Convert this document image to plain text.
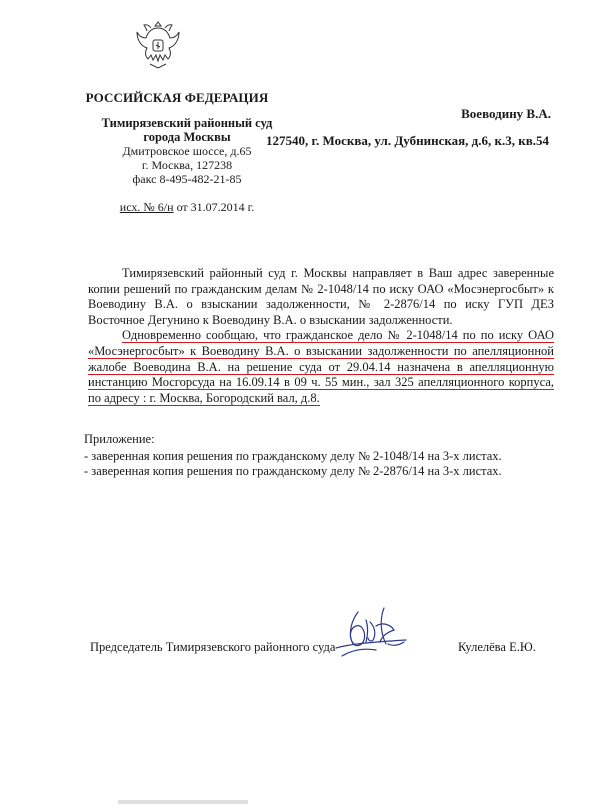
РОССИЙСКАЯ ФЕДЕРАЦИЯ
Тимирязевский районный суд
города Москвы
Дмитровское шоссе, д.65
г. Москва, 127238
факс 8-495-482-21-85
исх. № 6/н от 31.07.2014 г.
Воеводину В.А.
127540, г. Москва, ул. Дубнинская, д.6, к.3, кв.54

Тимирязевский районный суд г. Москвы направляет в Ваш адрес заверенные копии решений по гражданским делам № 2-1048/14 по иску ОАО «Мосэнергосбыт» к Воеводину В.А. о взыскании задолженности, № 2-2876/14 по иску ГУП ДЕЗ Восточное Дегунино к Воеводину В.А. о взыскании задолженности.

Одновременно сообщаю, что гражданское дело № 2-1048/14 по по иску ОАО «Мосэнергосбыт» к Воеводину В.А. о взыскании задолженности по апелляционной жалобе Воеводина В.А. на решение суда от 29.04.14 назначена в апелляционную инстанцию Мосгорсуда на 16.09.14 в 09 ч. 55 мин., зал 325 апелляционного корпуса, по адресу : г. Москва, Богородский вал, д.8.

Приложение:
- заверенная копия решения по гражданскому делу № 2-1048/14 на 3-х листах.
- заверенная копия решения по гражданскому делу № 2-2876/14 на 3-х листах.
Председатель Тимирязевского районного суда	Кулелёва Е.Ю.
